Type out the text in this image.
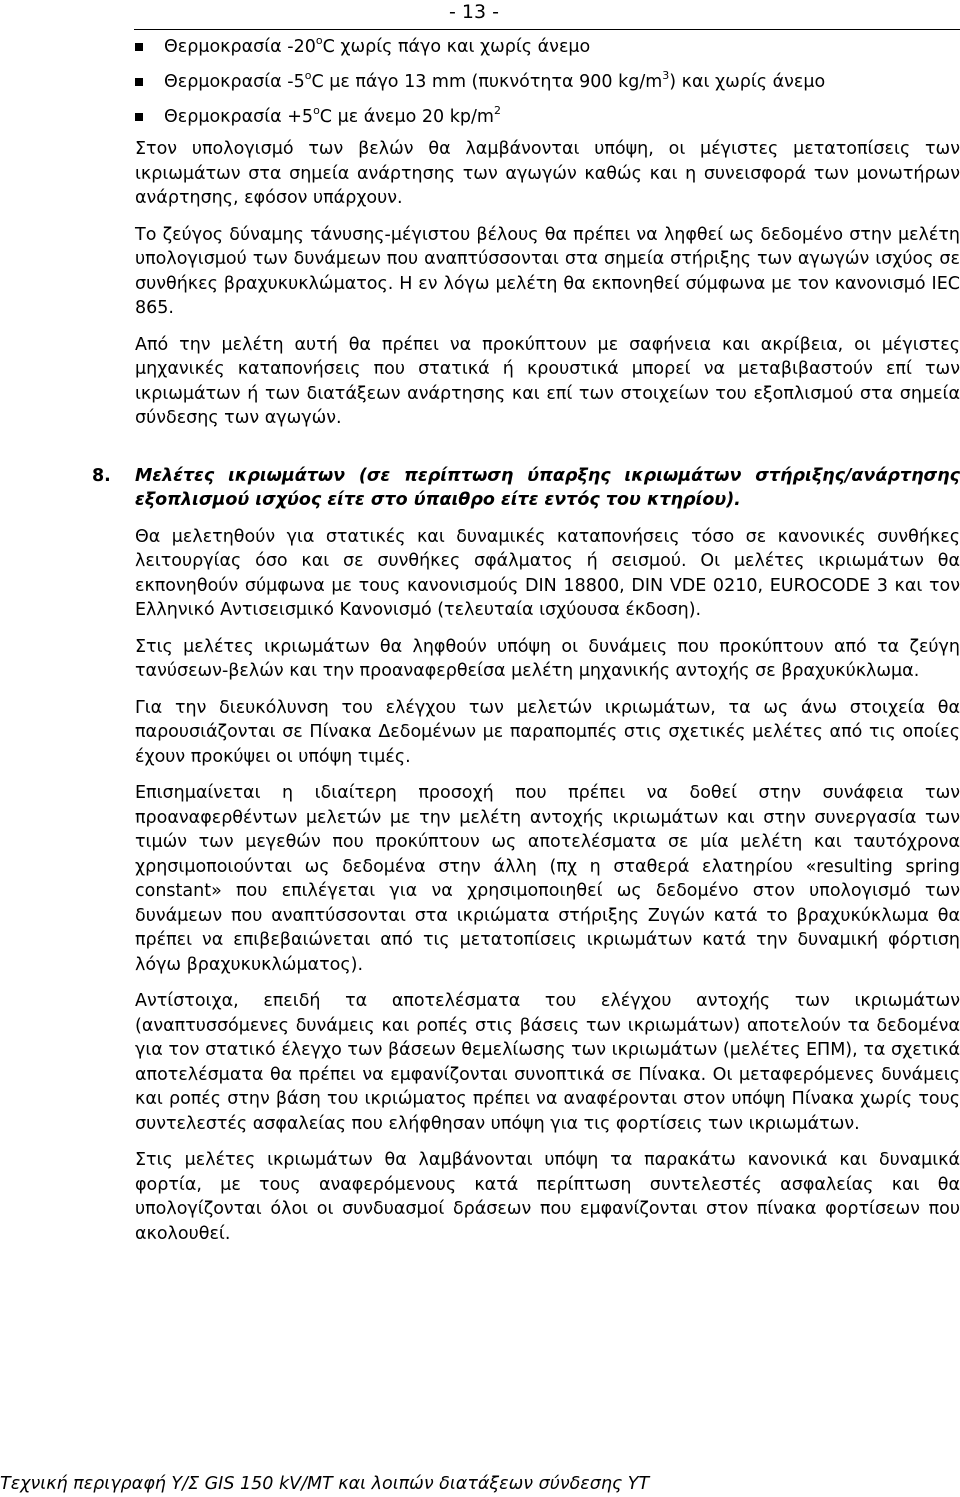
- 13 -
Θερμοκρασία -20$^o$C χωρίς πάγο και χωρίς άνεμο
Θερμοκρασία -5$^o$C με πάγο 13 mm (πυκνότητα 900 $kg/m^3$) και χωρίς άνεμο
$\Theta\varepsilon\rho\mu o\kappa\rho\alpha\sigma ί\alpha +5^oC$ με άνεμο 20 $kp/m^2$

Στον υπολογισμό των βελών θα λαμβάνονται υπόψη, οι μέγιστες μετατοπίσεις των ικριωμάτων στα σημεία ανάρτησης των αγωγών καθώς και η συνεισφορά των μονωτήρων ανάρτησης, εφόσον υπάρχουν.

Το ζεύγος δύναμης τάνυσης-μέγιστου βέλους θα πρέπει να ληφθεί ως δεδομένο στην μελέτη υπολογισμού των δυνάμεων που αναπτύσσονται στα σημεία στήριξης των αγωγών ισχύος σε συνθήκες βραχυκυκλώματος. Η εν λόγω μελέτη θα εκπονηθεί σύμφωνα με τον κανονισμό IEC 865.

Από την μελέτη αυτή θα πρέπει να προκύπτουν με σαφήνεια και ακρίβεια, οι μέγιστες μηχανικές καταπονήσεις που στατικά ή κρουστικά μπορεί να μεταβιβαστούν επί των ικριωμάτων ή των διατάξεων ανάρτησης και επί των στοιχείων του εξοπλισμού στα σημεία σύνδεσης των αγωγών.

8. Μελέτες ικριωμάτων (σε περίπτωση ύπαρξης ικριωμάτων στήριξης/ανάρτησης εξοπλισμού ισχύος είτε στο ύπαιθρο είτε εντός του κτηρίου).

Θα μελετηθούν για στατικές και δυναμικές καταπονήσεις τόσο σε κανονικές συνθήκες λειτουργίας όσο και σε συνθήκες σφάλματος ή σεισμού. Οι μελέτες ικριωμάτων θα εκπονηθούν σύμφωνα με τους κανονισμούς DIN 18800, DIN VDE 0210, EUROCODE 3 και τον Ελληνικό Αντισεισμικό Κανονισμό (τελευταία ισχύουσα έκδοση).

Στις μελέτες ικριωμάτων θα ληφθούν υπόψη οι δυνάμεις που προκύπτουν από τα ζεύγη τανύσεων-βελών και την προαναφερθείσα μελέτη μηχανικής αντοχής σε βραχυκύκλωμα.

Για την διευκόλυνση του ελέγχου των μελετών ικριωμάτων, τα ως άνω στοιχεία θα παρουσιάζονται σε Πίνακα Δεδομένων με παραπομπές στις σχετικές μελέτες από τις οποίες έχουν προκύψει οι υπόψη τιμές.

Επισημαίνεται η ιδιαίτερη προσοχή που πρέπει να δοθεί στην συνάφεια των προαναφερθέντων μελετών με την μελέτη αντοχής ικριωμάτων και στην συνεργασία των τιμών των μεγεθών που προκύπτουν ως αποτελέσματα σε μία μελέτη και ταυτόχρονα χρησιμοποιούνται ως δεδομένα στην άλλη (πχ η σταθερά ελατηρίου «resulting spring constant» που επιλέγεται για να χρησιμοποιηθεί ως δεδομένο στον υπολογισμό των δυνάμεων που αναπτύσσονται στα ικριώματα στήριξης Ζυγών κατά το βραχυκύκλωμα θα πρέπει να επιβεβαιώνεται από τις μετατοπίσεις ικριωμάτων κατά την δυναμική φόρτιση λόγω βραχυκυκλώματος).

Αντίστοιχα, επειδή τα αποτελέσματα του ελέγχου αντοχής των ικριωμάτων (αναπτυσσόμενες δυνάμεις και ροπές στις βάσεις των ικριωμάτων) αποτελούν τα δεδομένα για τον στατικό έλεγχο των βάσεων θεμελίωσης των ικριωμάτων (μελέτες ΕΠΜ), τα σχετικά αποτελέσματα θα πρέπει να εμφανίζονται συνοπτικά σε Πίνακα. Οι μεταφερόμενες δυνάμεις και ροπές στην βάση του ικριώματος πρέπει να αναφέρονται στον υπόψη Πίνακα χωρίς τους συντελεστές ασφαλείας που ελήφθησαν υπόψη για τις φορτίσεις των ικριωμάτων.

Στις μελέτες ικριωμάτων θα λαμβάνονται υπόψη τα παρακάτω κανονικά και δυναμικά φορτία, με τους αναφερόμενους κατά περίπτωση συντελεστές ασφαλείας και θα υπολογίζονται όλοι οι συνδυασμοί δράσεων που εμφανίζονται στον πίνακα φορτίσεων που ακολουθεί.

Τεχνική περιγραφή Υ/Σ GIS 150 kV/MT και λοιπών διατάξεων σύνδεσης ΥΤ
